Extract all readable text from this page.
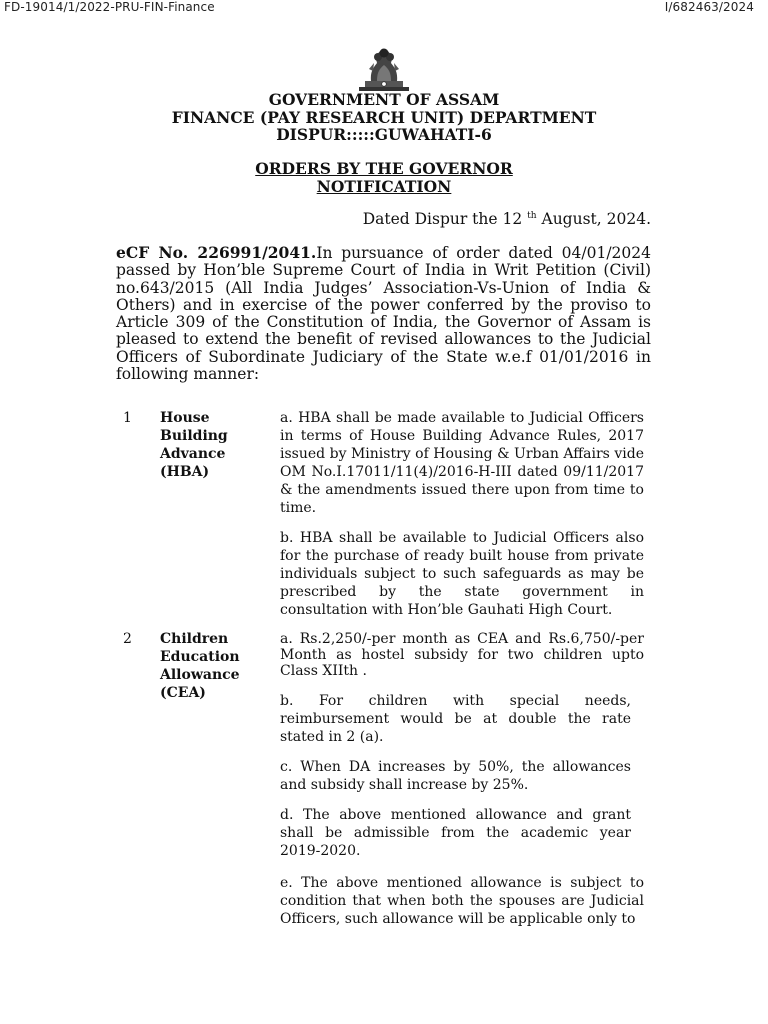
FD-19014/1/2022-PRU-FIN-Finance	I/682463/2024
GOVERNMENT OF ASSAM
FINANCE (PAY RESEARCH UNIT) DEPARTMENT
DISPUR:::::GUWAHATI-6
ORDERS BY THE GOVERNOR
NOTIFICATION
Dated Dispur the 12 $^{th}$ August, 2024.
eCF No. 226991/2041.In pursuance of order dated 04/01/2024 passed by Hon’ble Supreme Court of India in Writ Petition (Civil) no.643/2015 (All India Judges’ Association-Vs-Union of India & Others) and in exercise of the power conferred by the proviso to Article 309 of the Constitution of India, the Governor of Assam is pleased to extend the benefit of revised allowances to the Judicial Officers of Subordinate Judiciary of the State w.e.f 01/01/2016 in following manner:
1 House Building Advance (HBA)
a. HBA shall be made available to Judicial Officers in terms of House Building Advance Rules, 2017 issued by Ministry of Housing & Urban Affairs vide OM No.I.17011/11(4)/2016-H-III dated 09/11/2017 & the amendments issued there upon from time to time.
b. HBA shall be available to Judicial Officers also for the purchase of ready built house from private individuals subject to such safeguards as may be prescribed by the state government in consultation with Hon’ble Gauhati High Court.
2 Children Education Allowance (CEA)
a. Rs.2,250/-per month as CEA and Rs.6,750/-per Month as hostel subsidy for two children upto Class XIIth .
b. For children with special needs, reimbursement would be at double the rate stated in 2 (a).
c. When DA increases by 50%, the allowances and subsidy shall increase by 25%.
d. The above mentioned allowance and grant shall be admissible from the academic year 2019-2020.
e. The above mentioned allowance is subject to condition that when both the spouses are Judicial Officers, such allowance will be applicable only to
